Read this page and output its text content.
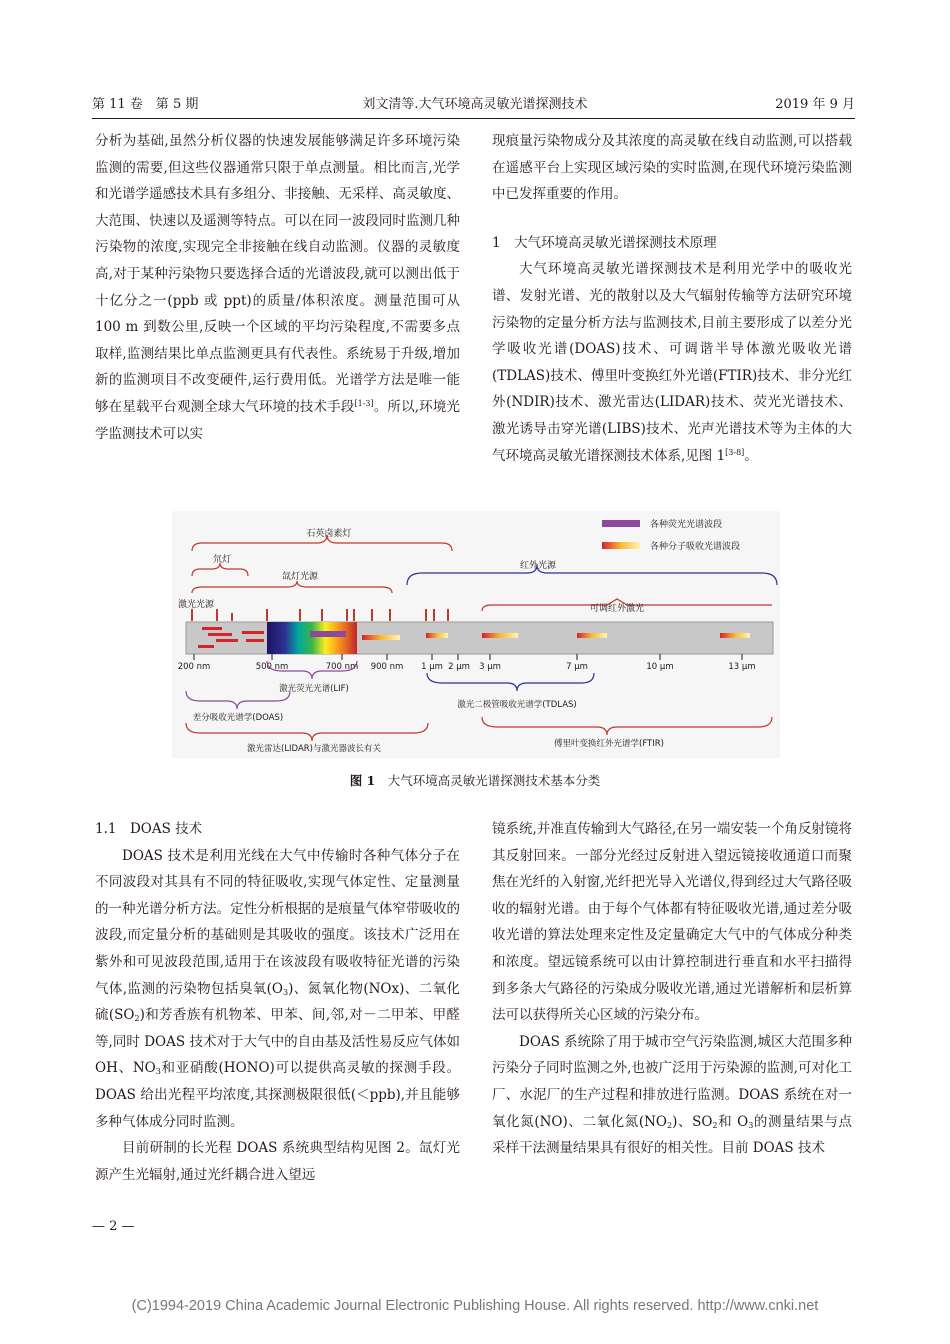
第 11 卷　第 5 期	刘文清等.大气环境高灵敏光谱探测技术	2019 年 9 月

分析为基础,虽然分析仪器的快速发展能够满足许多环境污染监测的需要,但这些仪器通常只限于单点测量。相比而言,光学和光谱学遥感技术具有多组分、非接触、无采样、高灵敏度、大范围、快速以及遥测等特点。可以在同一波段同时监测几种污染物的浓度,实现完全非接触在线自动监测。仪器的灵敏度高,对于某种污染物只要选择合适的光谱波段,就可以测出低于十亿分之一(ppb 或 ppt)的质量/体积浓度。测量范围可从 100 m 到数公里,反映一个区域的平均污染程度,不需要多点取样,监测结果比单点监测更具有代表性。系统易于升级,增加新的监测项目不改变硬件,运行费用低。光谱学方法是唯一能够在星载平台观测全球大气环境的技术手段[1-3]。所以,环境光学监测技术可以实

现痕量污染物成分及其浓度的高灵敏在线自动监测,可以搭载在遥感平台上实现区域污染的实时监测,在现代环境污染监测中已发挥重要的作用。

1　大气环境高灵敏光谱探测技术原理

大气环境高灵敏光谱探测技术是利用光学中的吸收光谱、发射光谱、光的散射以及大气辐射传输等方法研究环境污染物的定量分析方法与监测技术,目前主要形成了以差分光学吸收光谱(DOAS)技术、可调谐半导体激光吸收光谱(TDLAS)技术、傅里叶变换红外光谱(FTIR)技术、非分光红外(NDIR)技术、激光雷达(LIDAR)技术、荧光光谱技术、激光诱导击穿光谱(LIBS)技术、光声光谱技术等为主体的大气环境高灵敏光谱探测技术体系,见图 1[3-8]。

各种荧光光谱波段
各种分子吸收光谱波段
石英卤素灯
氘灯
氙灯光源
红外光源
可调红外激光
激光光源
200 nm	500 nm	700 nm 900 nm 1 μm 2 μm 3 μm	7 μm	10 μm	13 μm
激光荧光光谱(LIF)
激光二极管吸收光谱学(TDLAS)
差分吸收光谱学(DOAS)
激光雷达(LIDAR)与激光器波长有关	傅里叶变换红外光谱学(FTIR)
图 1　大气环境高灵敏光谱探测技术基本分类

1.1　DOAS 技术

DOAS 技术是利用光线在大气中传输时各种气体分子在不同波段对其具有不同的特征吸收,实现气体定性、定量测量的一种光谱分析方法。定性分析根据的是痕量气体窄带吸收的波段,而定量分析的基础则是其吸收的强度。该技术广泛用在紫外和可见波段范围,适用于在该波段有吸收特征光谱的污染气体,监测的污染物包括臭氧$(O_3)$、氮氧化物(NOx)、二氧化硫$(SO_2)$和芳香族有机物苯、甲苯、间,邻,对－二甲苯、甲醛等,同时 DOAS 技术对于大气中的自由基及活性易反应气体如 OH、$NO_3$和亚硝酸(HONO)可以提供高灵敏的探测手段。DOAS 给出光程平均浓度,其探测极限很低(＜ppb),并且能够多种气体成分同时监测。

目前研制的长光程 DOAS 系统典型结构见图 2。氙灯光源产生光辐射,通过光纤耦合进入望远

镜系统,并准直传输到大气路径,在另一端安装一个角反射镜将其反射回来。一部分光经过反射进入望远镜接收通道口而聚焦在光纤的入射窗,光纤把光导入光谱仪,得到经过大气路径吸收的辐射光谱。由于每个气体都有特征吸收光谱,通过差分吸收光谱的算法处理来定性及定量确定大气中的气体成分种类和浓度。望远镜系统可以由计算控制进行垂直和水平扫描得到多条大气路径的污染成分吸收光谱,通过光谱解析和层析算法可以获得所关心区域的污染分布。

DOAS 系统除了用于城市空气污染监测,城区大范围多种污染分子同时监测之外,也被广泛用于污染源的监测,可对化工厂、水泥厂的生产过程和排放进行监测。DOAS 系统在对一氧化氮(NO)、二氧化氮$(NO_2)$、$SO_2$和 $O_3$的测量结果与点采样干法测量结果具有很好的相关性。目前 DOAS 技术

— 2 —
(C)1994-2019 China Academic Journal Electronic Publishing House. All rights reserved. http://www.cnki.net
